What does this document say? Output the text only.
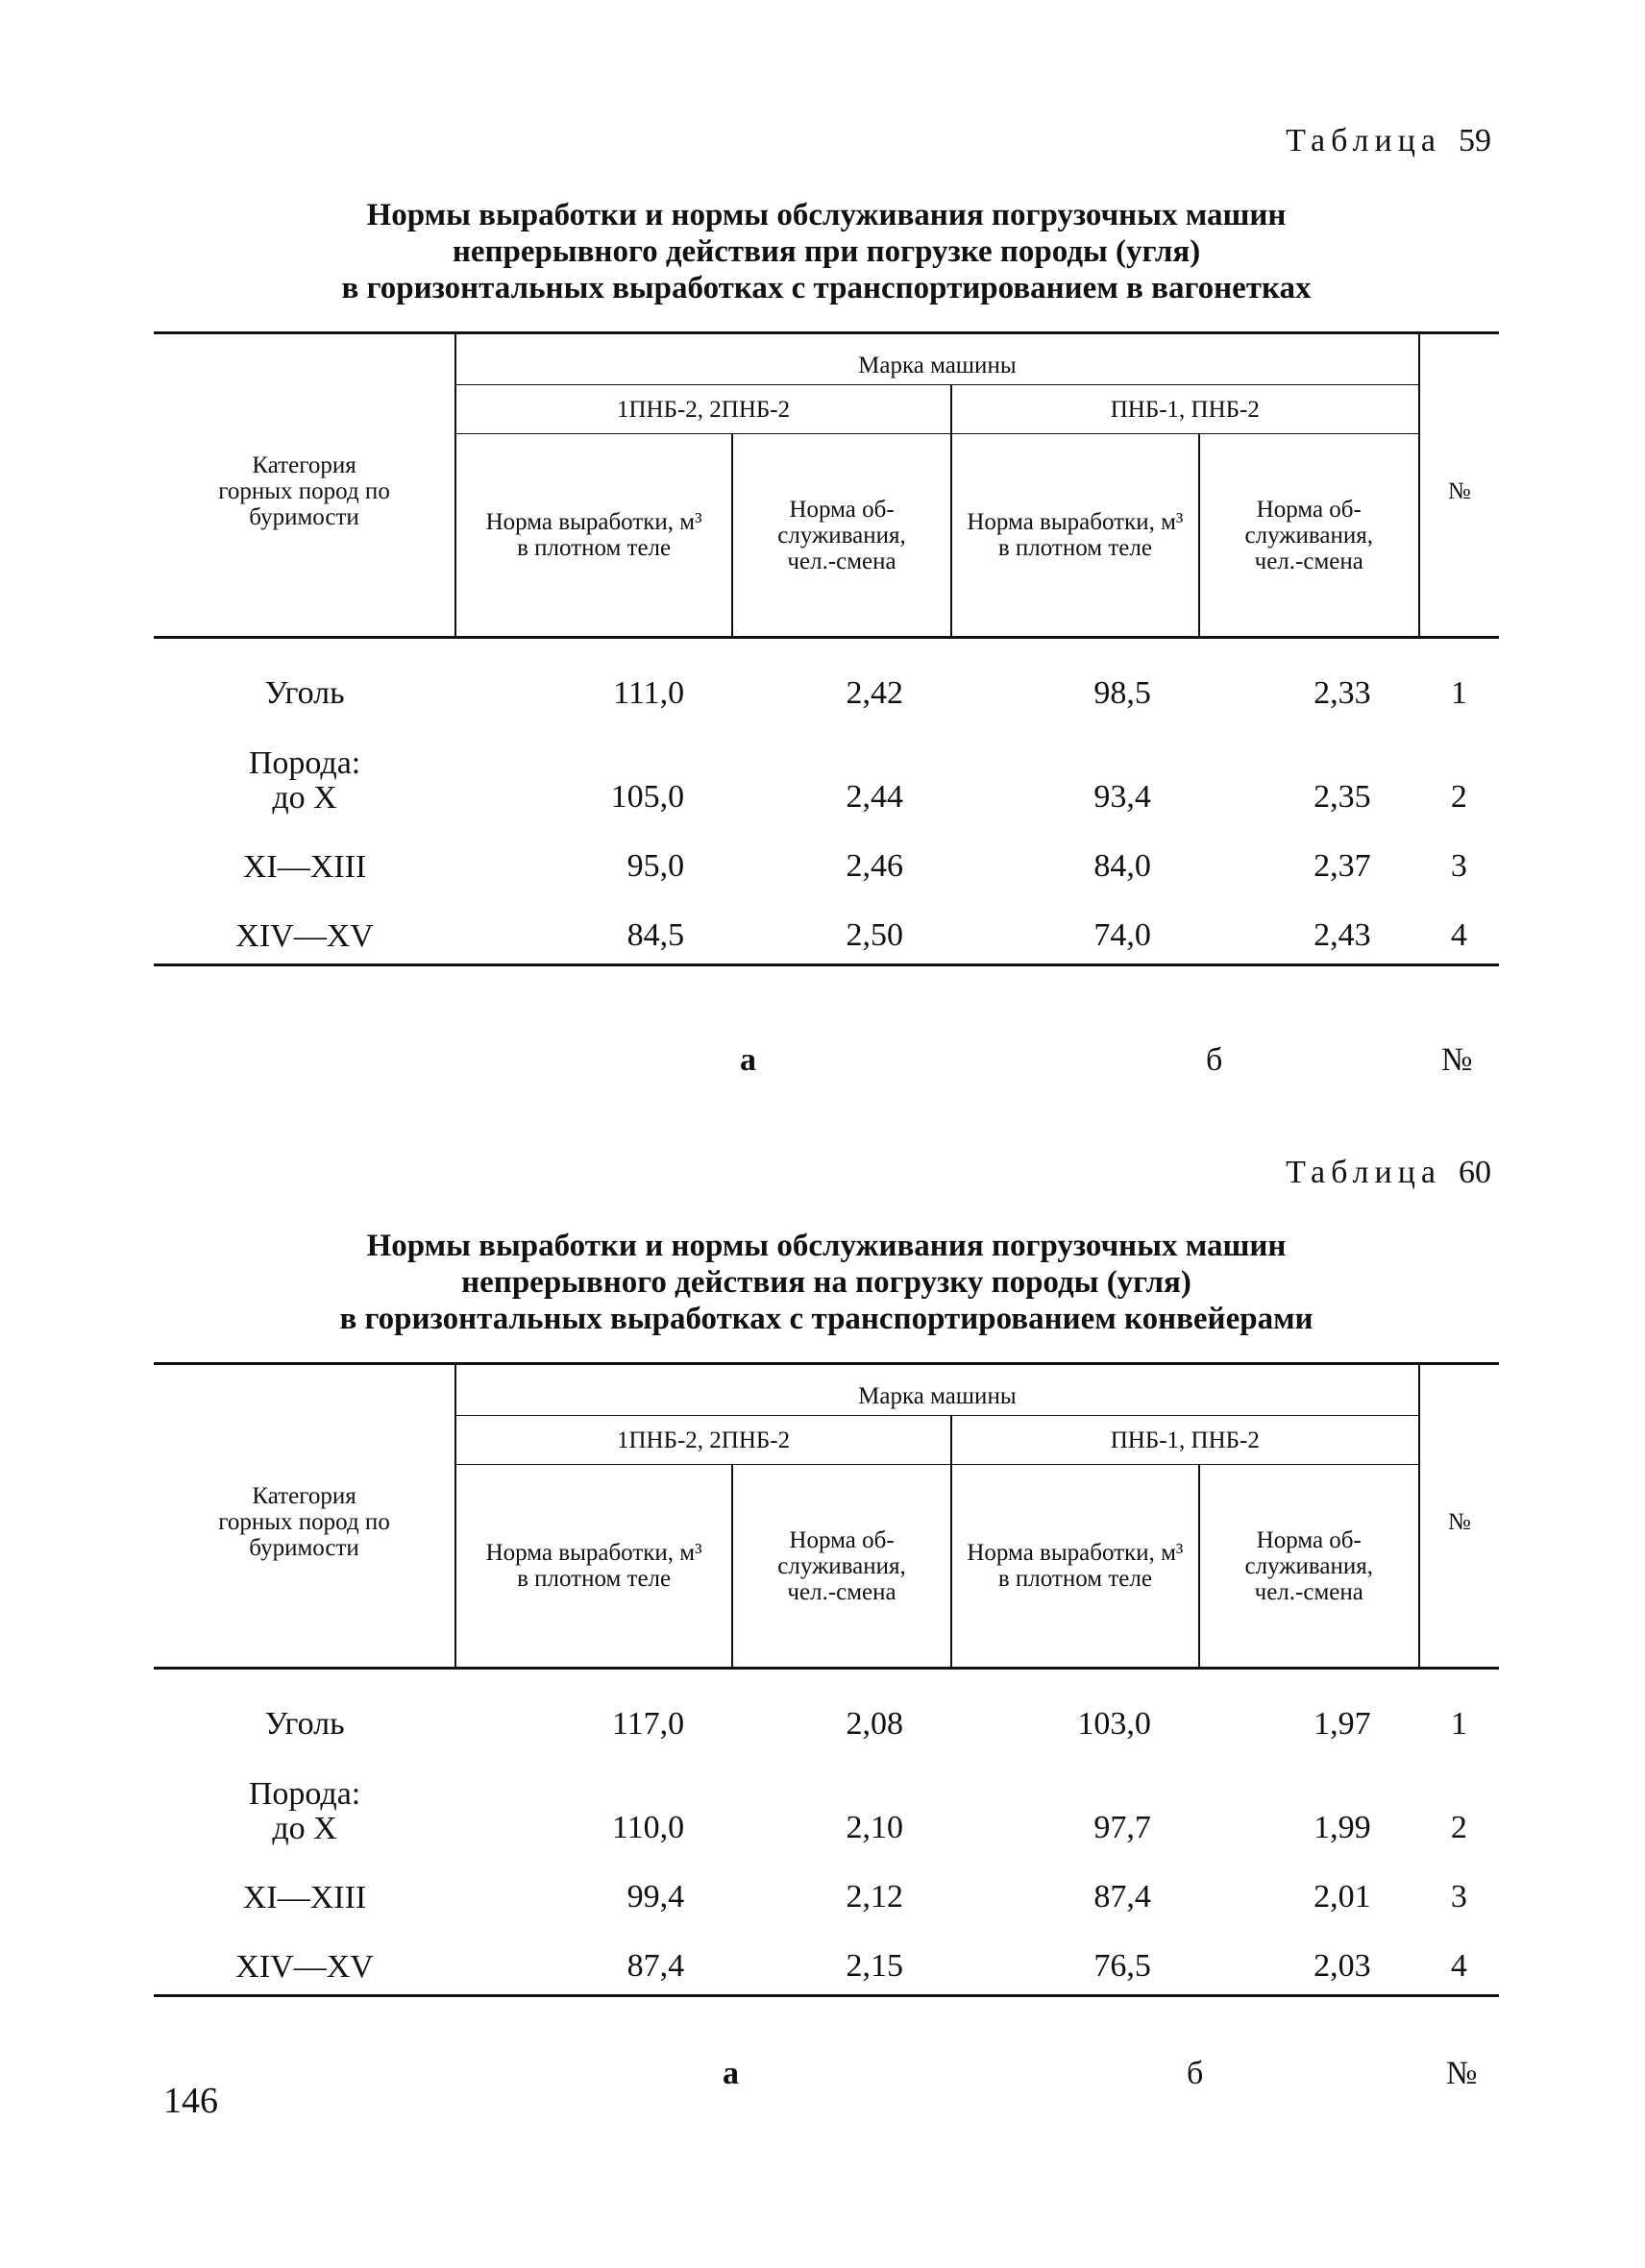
Таблица 59
Нормы выработки и нормы обслуживания погрузочных машин
непрерывного действия при погрузке породы (угля)
в горизонтальных выработках с транспортированием в вагонетках
Категория горных пород по буримости	Марка машины				№
	1ПНБ-2, 2ПНБ-2		ПНБ-1, ПНБ-2		

	Норма выработки, м³ в плотном теле	Норма об-служивания, чел.-смена	Норма выработки, м³ в плотном теле	Норма об-служивания, чел.-смена	

Уголь	111,0	2,42	98,5	2,33	1

Порода:
до X	105,0	2,44	93,4	2,35	2
XI—XIII	95,0	2,46	84,0	2,37	3
XIV—XV	84,5	2,50	74,0	2,43	4
а	б	№
Таблица 60
Нормы выработки и нормы обслуживания погрузочных машин
непрерывного действия на погрузку породы (угля)
в горизонтальных выработках с транспортированием конвейерами
Категория горных пород по буримости	Марка машины				№
	1ПНБ-2, 2ПНБ-2		ПНБ-1, ПНБ-2		

	Норма выработки, м³ в плотном теле	Норма об-служивания, чел.-смена	Норма выработки, м³ в плотном теле	Норма об-служивания, чел.-смена	

Уголь	117,0	2,08	103,0	1,97	1

Порода:
до X	110,0	2,10	97,7	1,99	2
XI—XIII	99,4	2,12	87,4	2,01	3
XIV—XV	87,4	2,15	76,5	2,03	4
а	б	№
146
